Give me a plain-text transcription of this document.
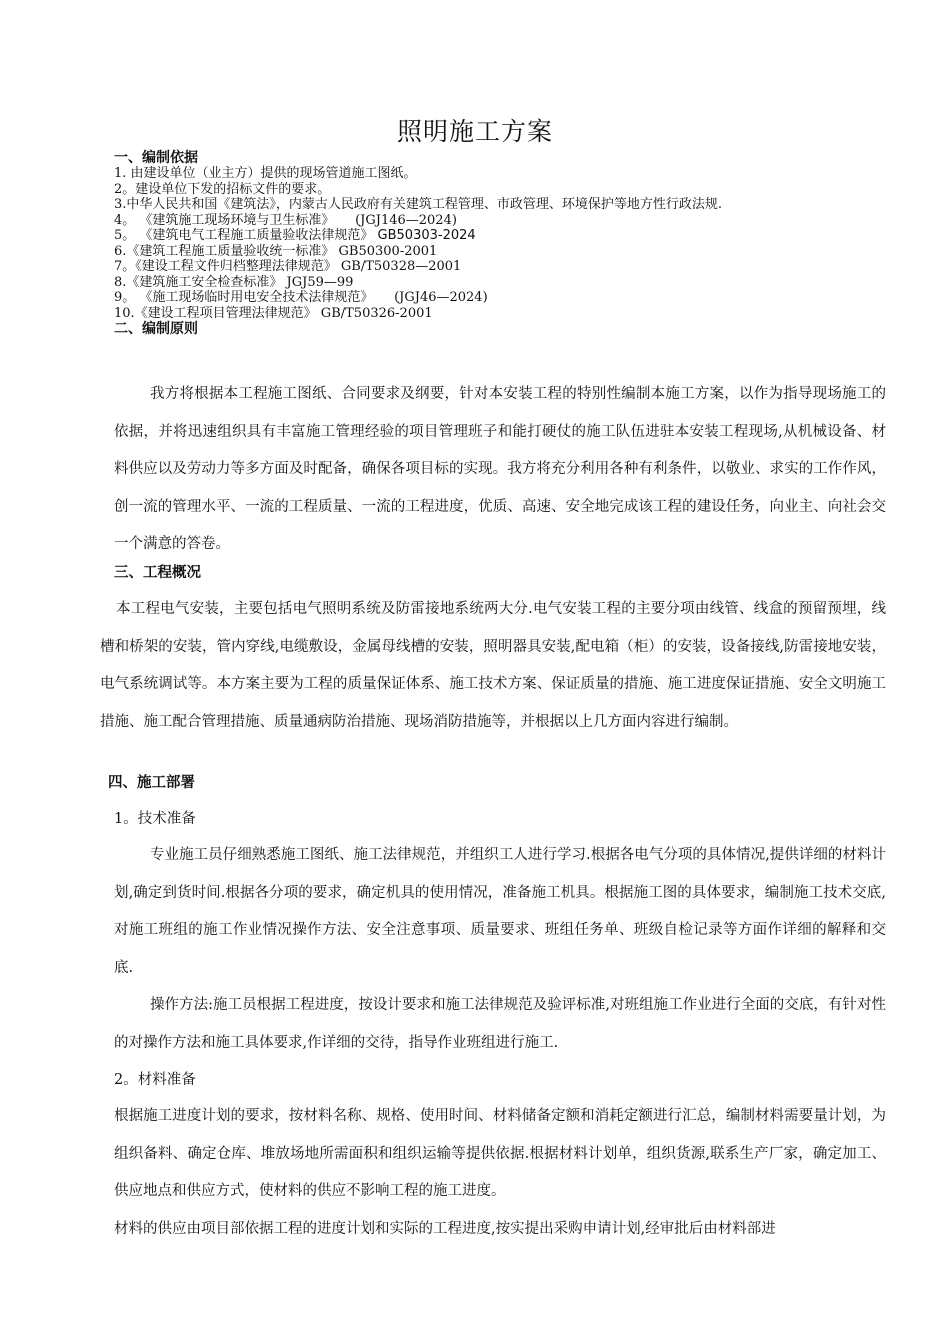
照明施工方案
一、编制依据
1. 由建设单位（业主方）提供的现场管道施工图纸。
2。建设单位下发的招标文件的要求。
3.中华人民共和国《建筑法》，内蒙古人民政府有关建筑工程管理、市政管理、环境保护等地方性行政法规.
4。 《建筑施工现场环境与卫生标准》     (JGJ146—2024)
5。 《建筑电气工程施工质量验收法律规范》 GB50303-2024
6.《建筑工程施工质量验收统一标准》 GB50300-2001
7。《建设工程文件归档整理法律规范》 GB/T50328—2001
8.《建筑施工安全检查标准》 JGJ59—99
9。 《施工现场临时用电安全技术法律规范》     (JGJ46—2024)
10.《建设工程项目管理法律规范》 GB/T50326-2001
二、编制原则

我方将根据本工程施工图纸、合同要求及纲要，针对本安装工程的特别性编制本施工方案，以作为指导现场施工的依据，并将迅速组织具有丰富施工管理经验的项目管理班子和能打硬仗的施工队伍进驻本安装工程现场,从机械设备、材料供应以及劳动力等多方面及时配备，确保各项目标的实现。我方将充分利用各种有利条件，以敬业、求实的工作作风，创一流的管理水平、一流的工程质量、一流的工程进度，优质、高速、安全地完成该工程的建设任务，向业主、向社会交一个满意的答卷。

三、工程概况

本工程电气安装，主要包括电气照明系统及防雷接地系统两大分.电气安装工程的主要分项由线管、线盒的预留预埋，线槽和桥架的安装，管内穿线,电缆敷设，金属母线槽的安装，照明器具安装,配电箱（柜）的安装，设备接线,防雷接地安装，电气系统调试等。本方案主要为工程的质量保证体系、施工技术方案、保证质量的措施、施工进度保证措施、安全文明施工措施、施工配合管理措施、质量通病防治措施、现场消防措施等，并根据以上几方面内容进行编制。

四、施工部署
1。技术准备

专业施工员仔细熟悉施工图纸、施工法律规范，并组织工人进行学习.根据各电气分项的具体情况,提供详细的材料计划,确定到货时间.根据各分项的要求，确定机具的使用情况，准备施工机具。根据施工图的具体要求，编制施工技术交底,对施工班组的施工作业情况操作方法、安全注意事项、质量要求、班组任务单、班级自检记录等方面作详细的解释和交底.

操作方法:施工员根据工程进度，按设计要求和施工法律规范及验评标准,对班组施工作业进行全面的交底，有针对性的对操作方法和施工具体要求,作详细的交待，指导作业班组进行施工.

2。材料准备

根据施工进度计划的要求，按材料名称、规格、使用时间、材料储备定额和消耗定额进行汇总，编制材料需要量计划，为组织备料、确定仓库、堆放场地所需面积和组织运输等提供依据.根据材料计划单，组织货源,联系生产厂家，确定加工、供应地点和供应方式，使材料的供应不影响工程的施工进度。

材料的供应由项目部依据工程的进度计划和实际的工程进度,按实提出采购申请计划,经审批后由材料部进
